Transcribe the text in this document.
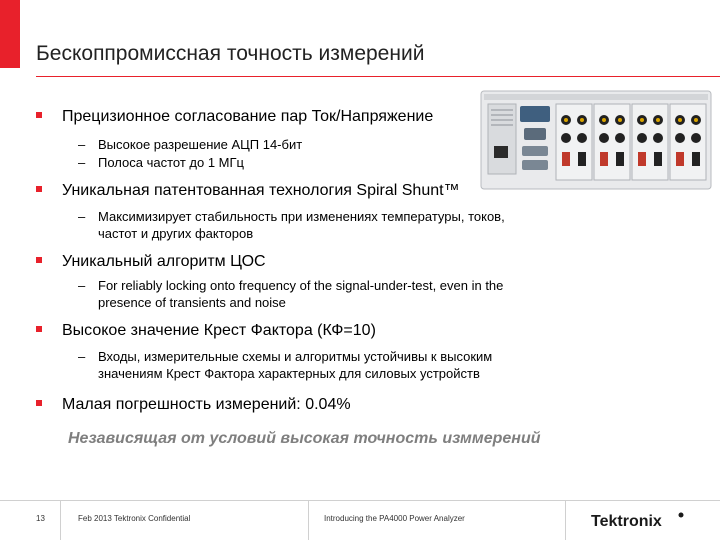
Бескоппромиссная точность измерений
Прецизионное согласование пар Ток/Напряжение
– Высокое разрешение АЦП 14-бит
– Полоса частот до 1 МГц
Уникальная патентованная технология Spiral Shunt™
– Максимизирует стабильность при изменениях температуры, токов,
частот и других факторов
Уникальный алгоритм ЦОС
– For reliably locking onto frequency of the signal-under-test, even in the
presence of transients and noise
Высокое значение Крест Фактора (КФ=10)
– Входы, измерительные схемы и алгоритмы устойчивы к высоким
значениям Крест Фактора характерных для силовых устройств
Малая погрешность измерений: 0.04%
Независящая от условий высокая точность изммерений
13	Feb 2013 Tektronix Confidential	Introducing the PA4000 Power Analyzer	Tektronix
